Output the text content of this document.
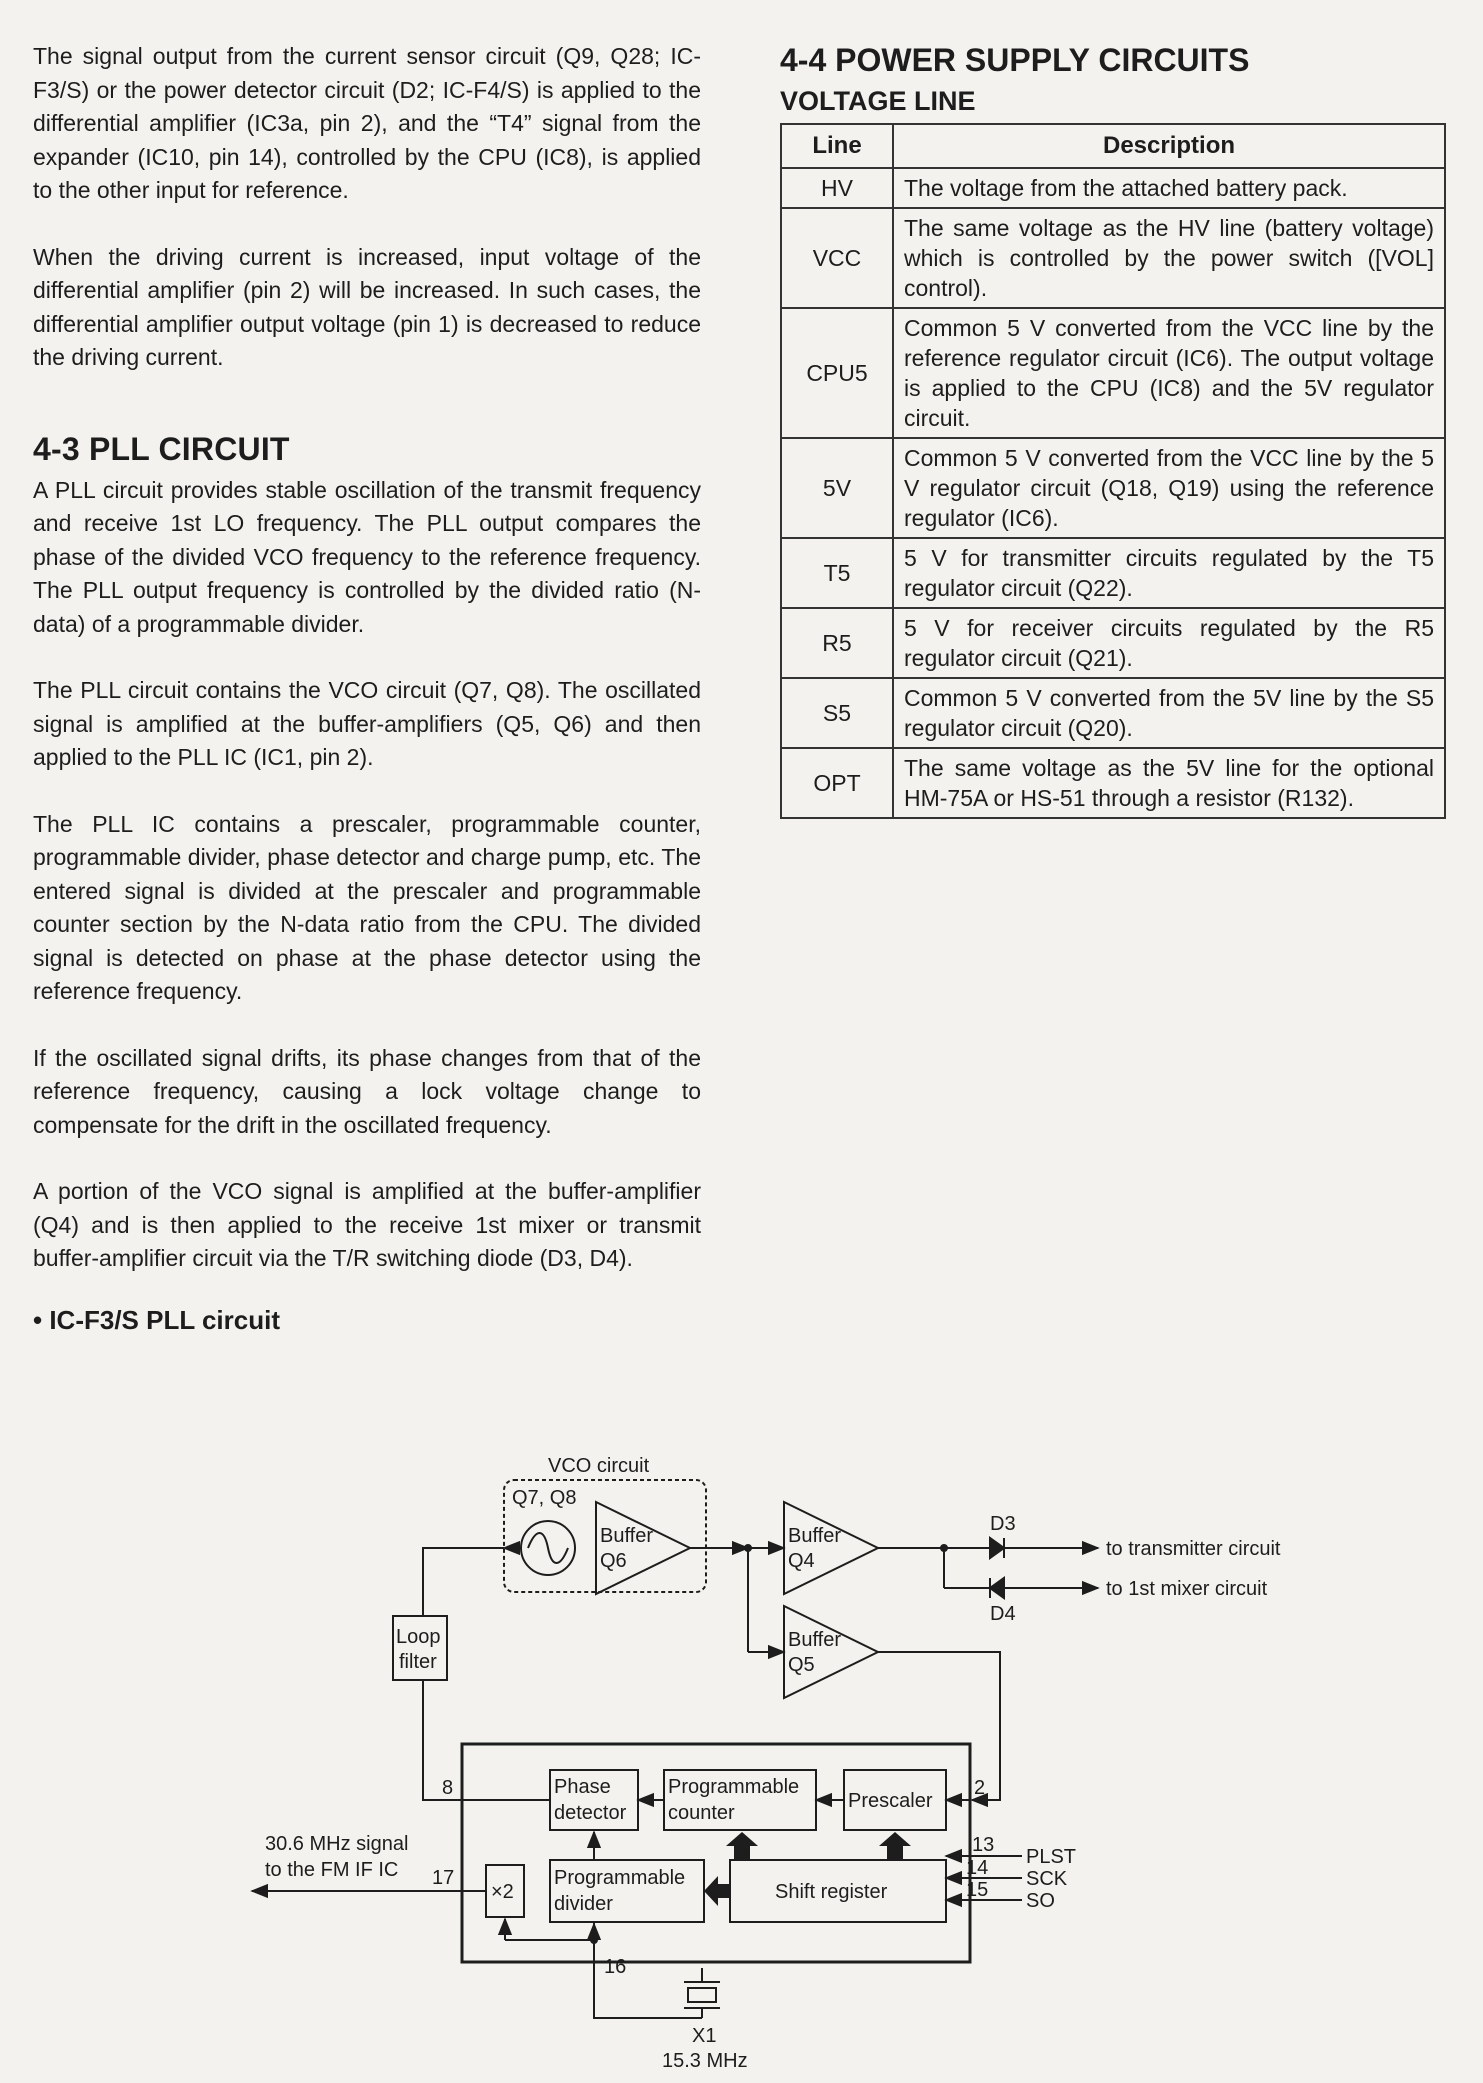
The signal output from the current sensor circuit (Q9, Q28; IC-F3/S) or the power detector circuit (D2; IC-F4/S) is applied to the differential amplifier (IC3a, pin 2), and the “T4” signal from the expander (IC10, pin 14), controlled by the CPU (IC8), is applied to the other input for reference.

When the driving current is increased, input voltage of the differential amplifier (pin 2) will be increased. In such cases, the differential amplifier output voltage (pin 1) is decreased to reduce the driving current.

4-3 PLL CIRCUIT

A PLL circuit provides stable oscillation of the transmit frequency and receive 1st LO frequency. The PLL output compares the phase of the divided VCO frequency to the reference frequency. The PLL output frequency is controlled by the divided ratio (N-data) of a programmable divider.

The PLL circuit contains the VCO circuit (Q7, Q8). The oscillated signal is amplified at the buffer-amplifiers (Q5, Q6) and then applied to the PLL IC (IC1, pin 2).

The PLL IC contains a prescaler, programmable counter, programmable divider, phase detector and charge pump, etc. The entered signal is divided at the prescaler and programmable counter section by the N-data ratio from the CPU. The divided signal is detected on phase at the phase detector using the reference frequency.

If the oscillated signal drifts, its phase changes from that of the reference frequency, causing a lock voltage change to compensate for the drift in the oscillated frequency.

A portion of the VCO signal is amplified at the buffer-amplifier (Q4) and is then applied to the receive 1st mixer or transmit buffer-amplifier circuit via the T/R switching diode (D3, D4).

• IC-F3/S PLL circuit
4-4 POWER SUPPLY CIRCUITS
VOLTAGE LINE
Line	Description
HV	The voltage from the attached battery pack.
VCC	The same voltage as the HV line (battery voltage) which is controlled by the power switch ([VOL] control).
CPU5	Common 5 V converted from the VCC line by the reference regulator circuit (IC6). The output voltage is applied to the CPU (IC8) and the 5V regulator circuit.
5V	Common 5 V converted from the VCC line by the 5 V regulator circuit (Q18, Q19) using the reference regulator (IC6).
T5	5 V for transmitter circuits regulated by the T5 regulator circuit (Q22).
R5	5 V for receiver circuits regulated by the R5 regulator circuit (Q21).
S5	Common 5 V converted from the 5V line by the S5 regulator circuit (Q20).
OPT	The same voltage as the 5V line for the optional HM-75A or HS-51 through a resistor (R132).
VCO circuit
Q7, Q8
Buffer
Q6
Buffer
Q4
Buffer
Q5
D3
D4
to transmitter circuit
to 1st mixer circuit
Loop
filter
Phase
detector
Programmable
counter
Prescaler
Programmable
divider
Shift register
×2
30.6 MHz signal
to the FM IF IC
8	2
17
13
14
15
16
PLST
SCK
SO
X1
15.3 MHz
